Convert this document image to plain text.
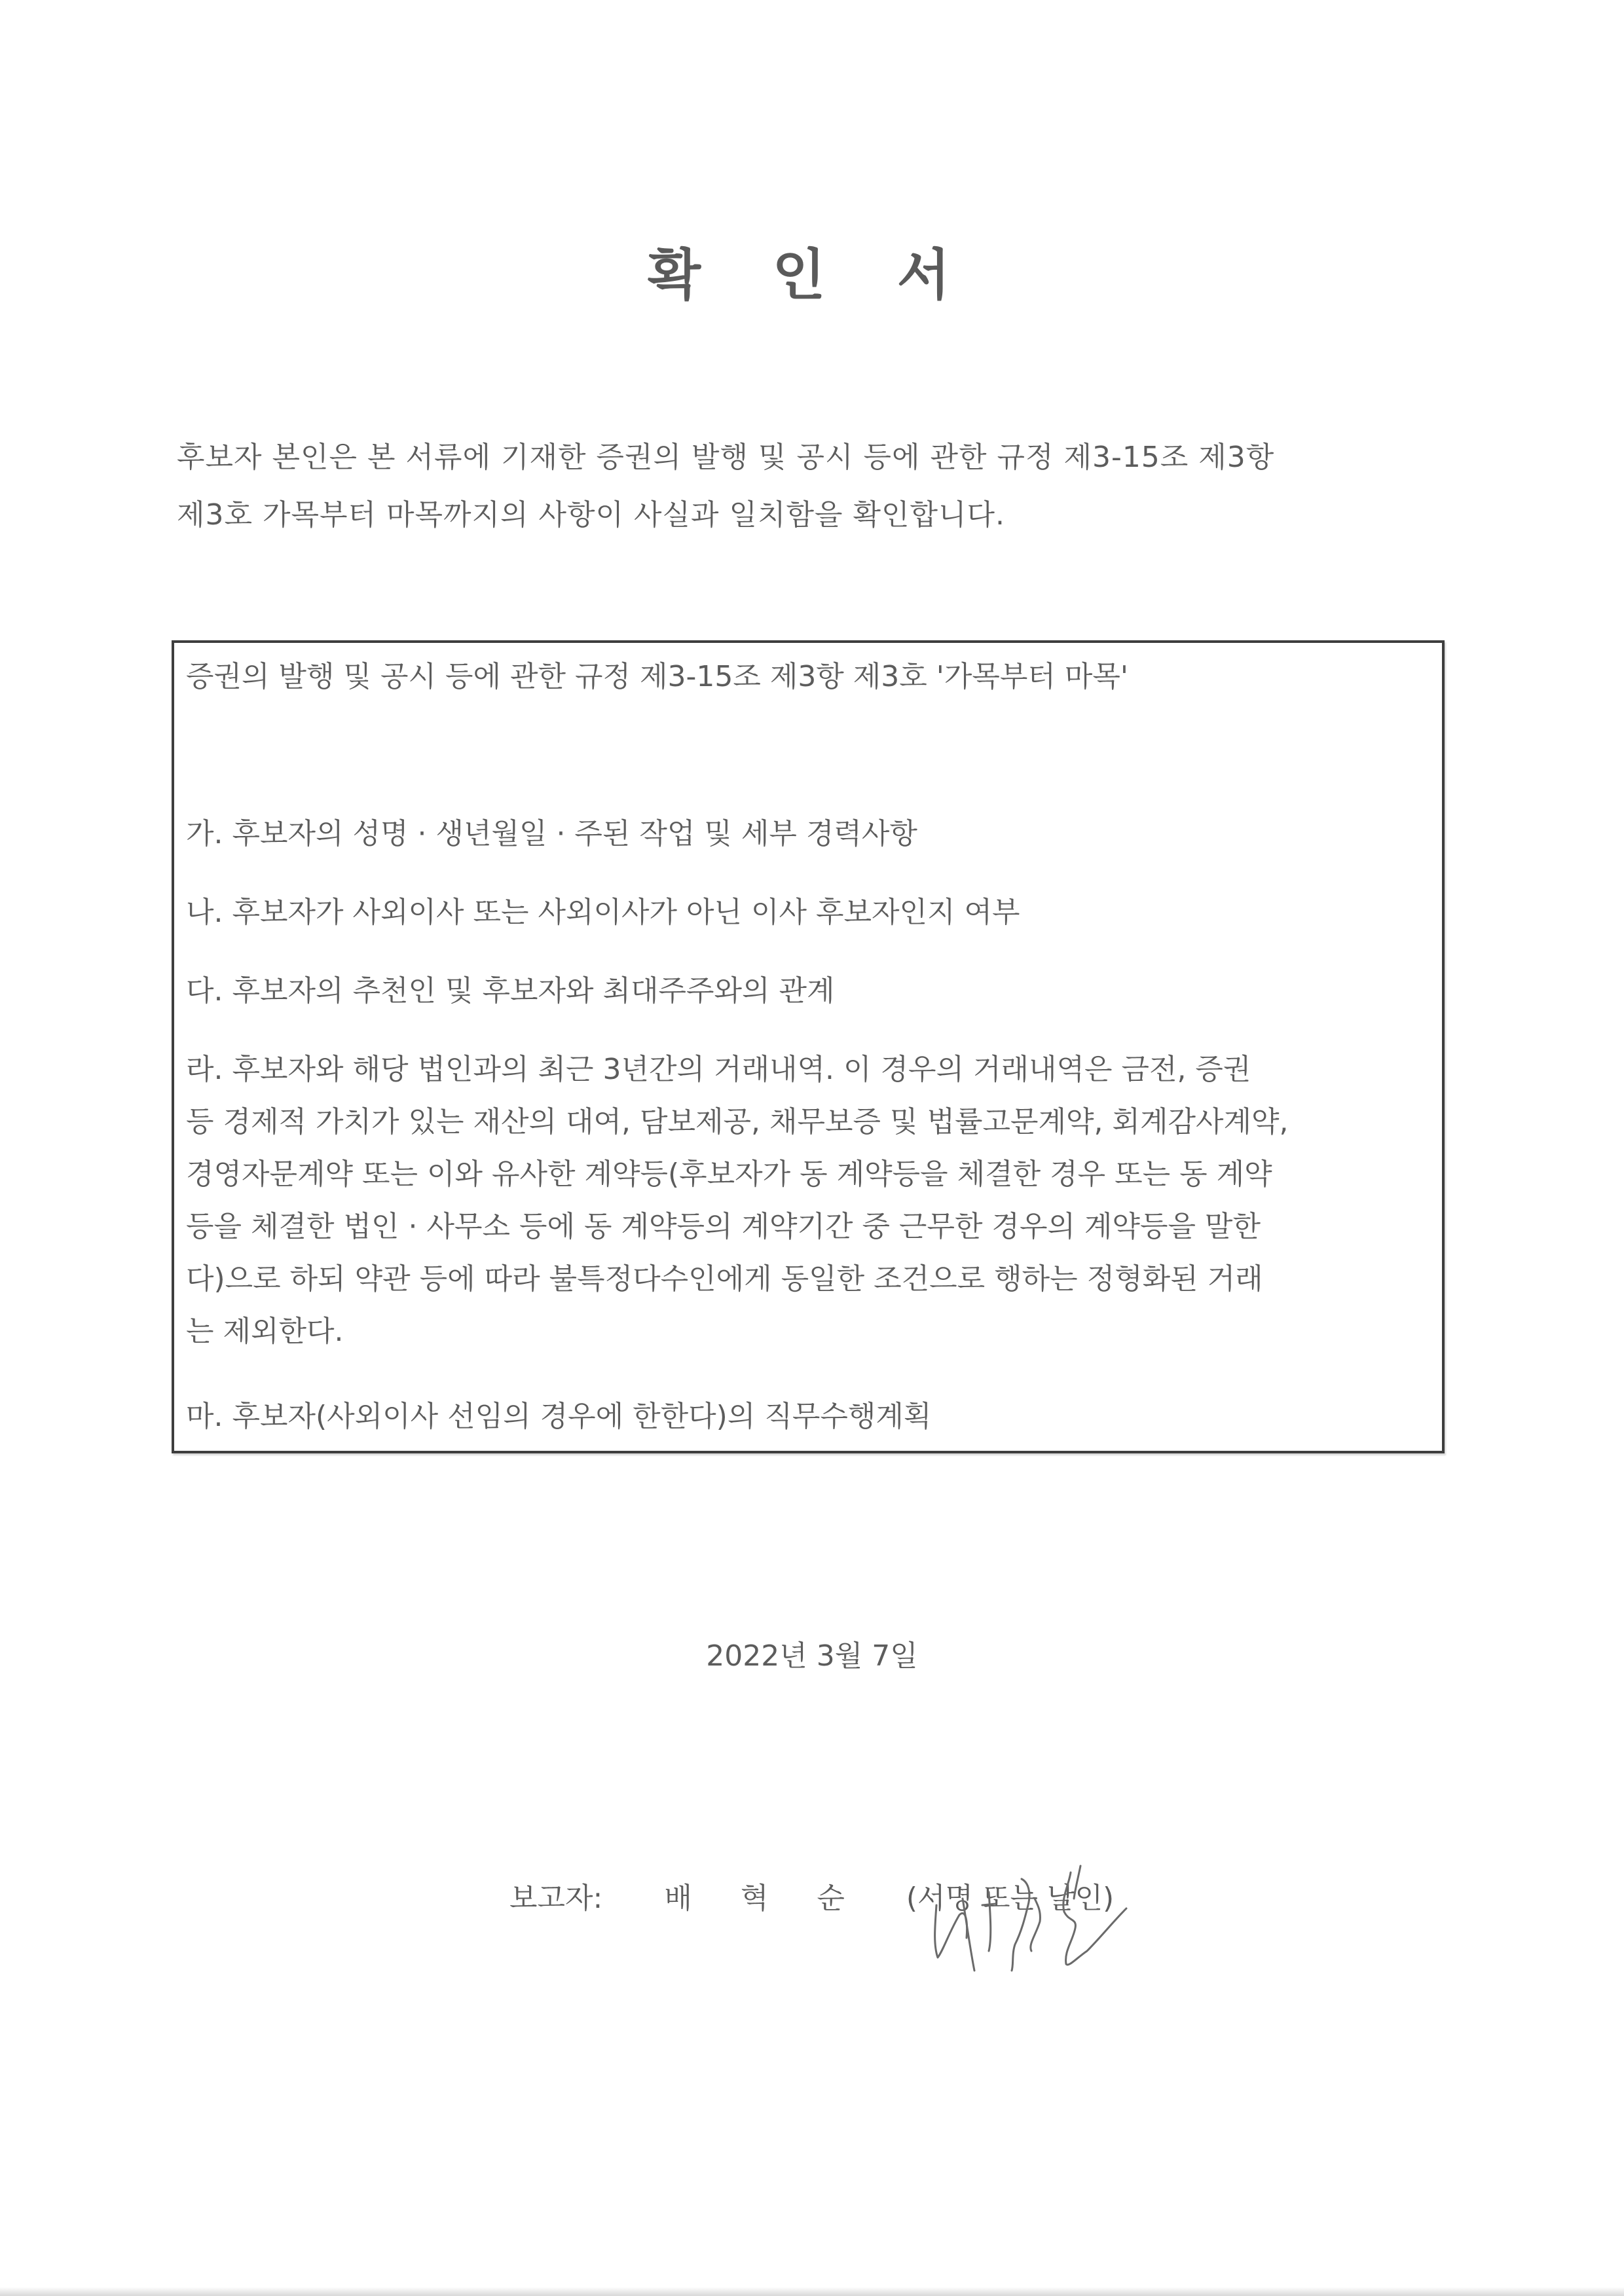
확 인 서
후보자 본인은 본 서류에 기재한 증권의 발행 및 공시 등에 관한 규정 제3-15조 제3항
제3호 가목부터 마목까지의 사항이 사실과 일치함을 확인합니다.
증권의 발행 및 공시 등에 관한 규정 제3-15조 제3항 제3호 '가목부터 마목'
가. 후보자의 성명 · 생년월일 · 주된 작업 및 세부 경력사항
나. 후보자가 사외이사 또는 사외이사가 아닌 이사 후보자인지 여부
다. 후보자의 추천인 및 후보자와 최대주주와의 관계
라. 후보자와 해당 법인과의 최근 3년간의 거래내역. 이 경우의 거래내역은 금전, 증권
등 경제적 가치가 있는 재산의 대여, 담보제공, 채무보증 및 법률고문계약, 회계감사계약,
경영자문계약 또는 이와 유사한 계약등(후보자가 동 계약등을 체결한 경우 또는 동 계약
등을 체결한 법인 · 사무소 등에 동 계약등의 계약기간 중 근무한 경우의 계약등을 말한
다)으로 하되 약관 등에 따라 불특정다수인에게 동일한 조건으로 행하는 정형화된 거래
는 제외한다.
마. 후보자(사외이사 선임의 경우에 한한다)의 직무수행계획
2022년 3월 7일
보고자: 배 혁 순 (서명 또는 날인)
